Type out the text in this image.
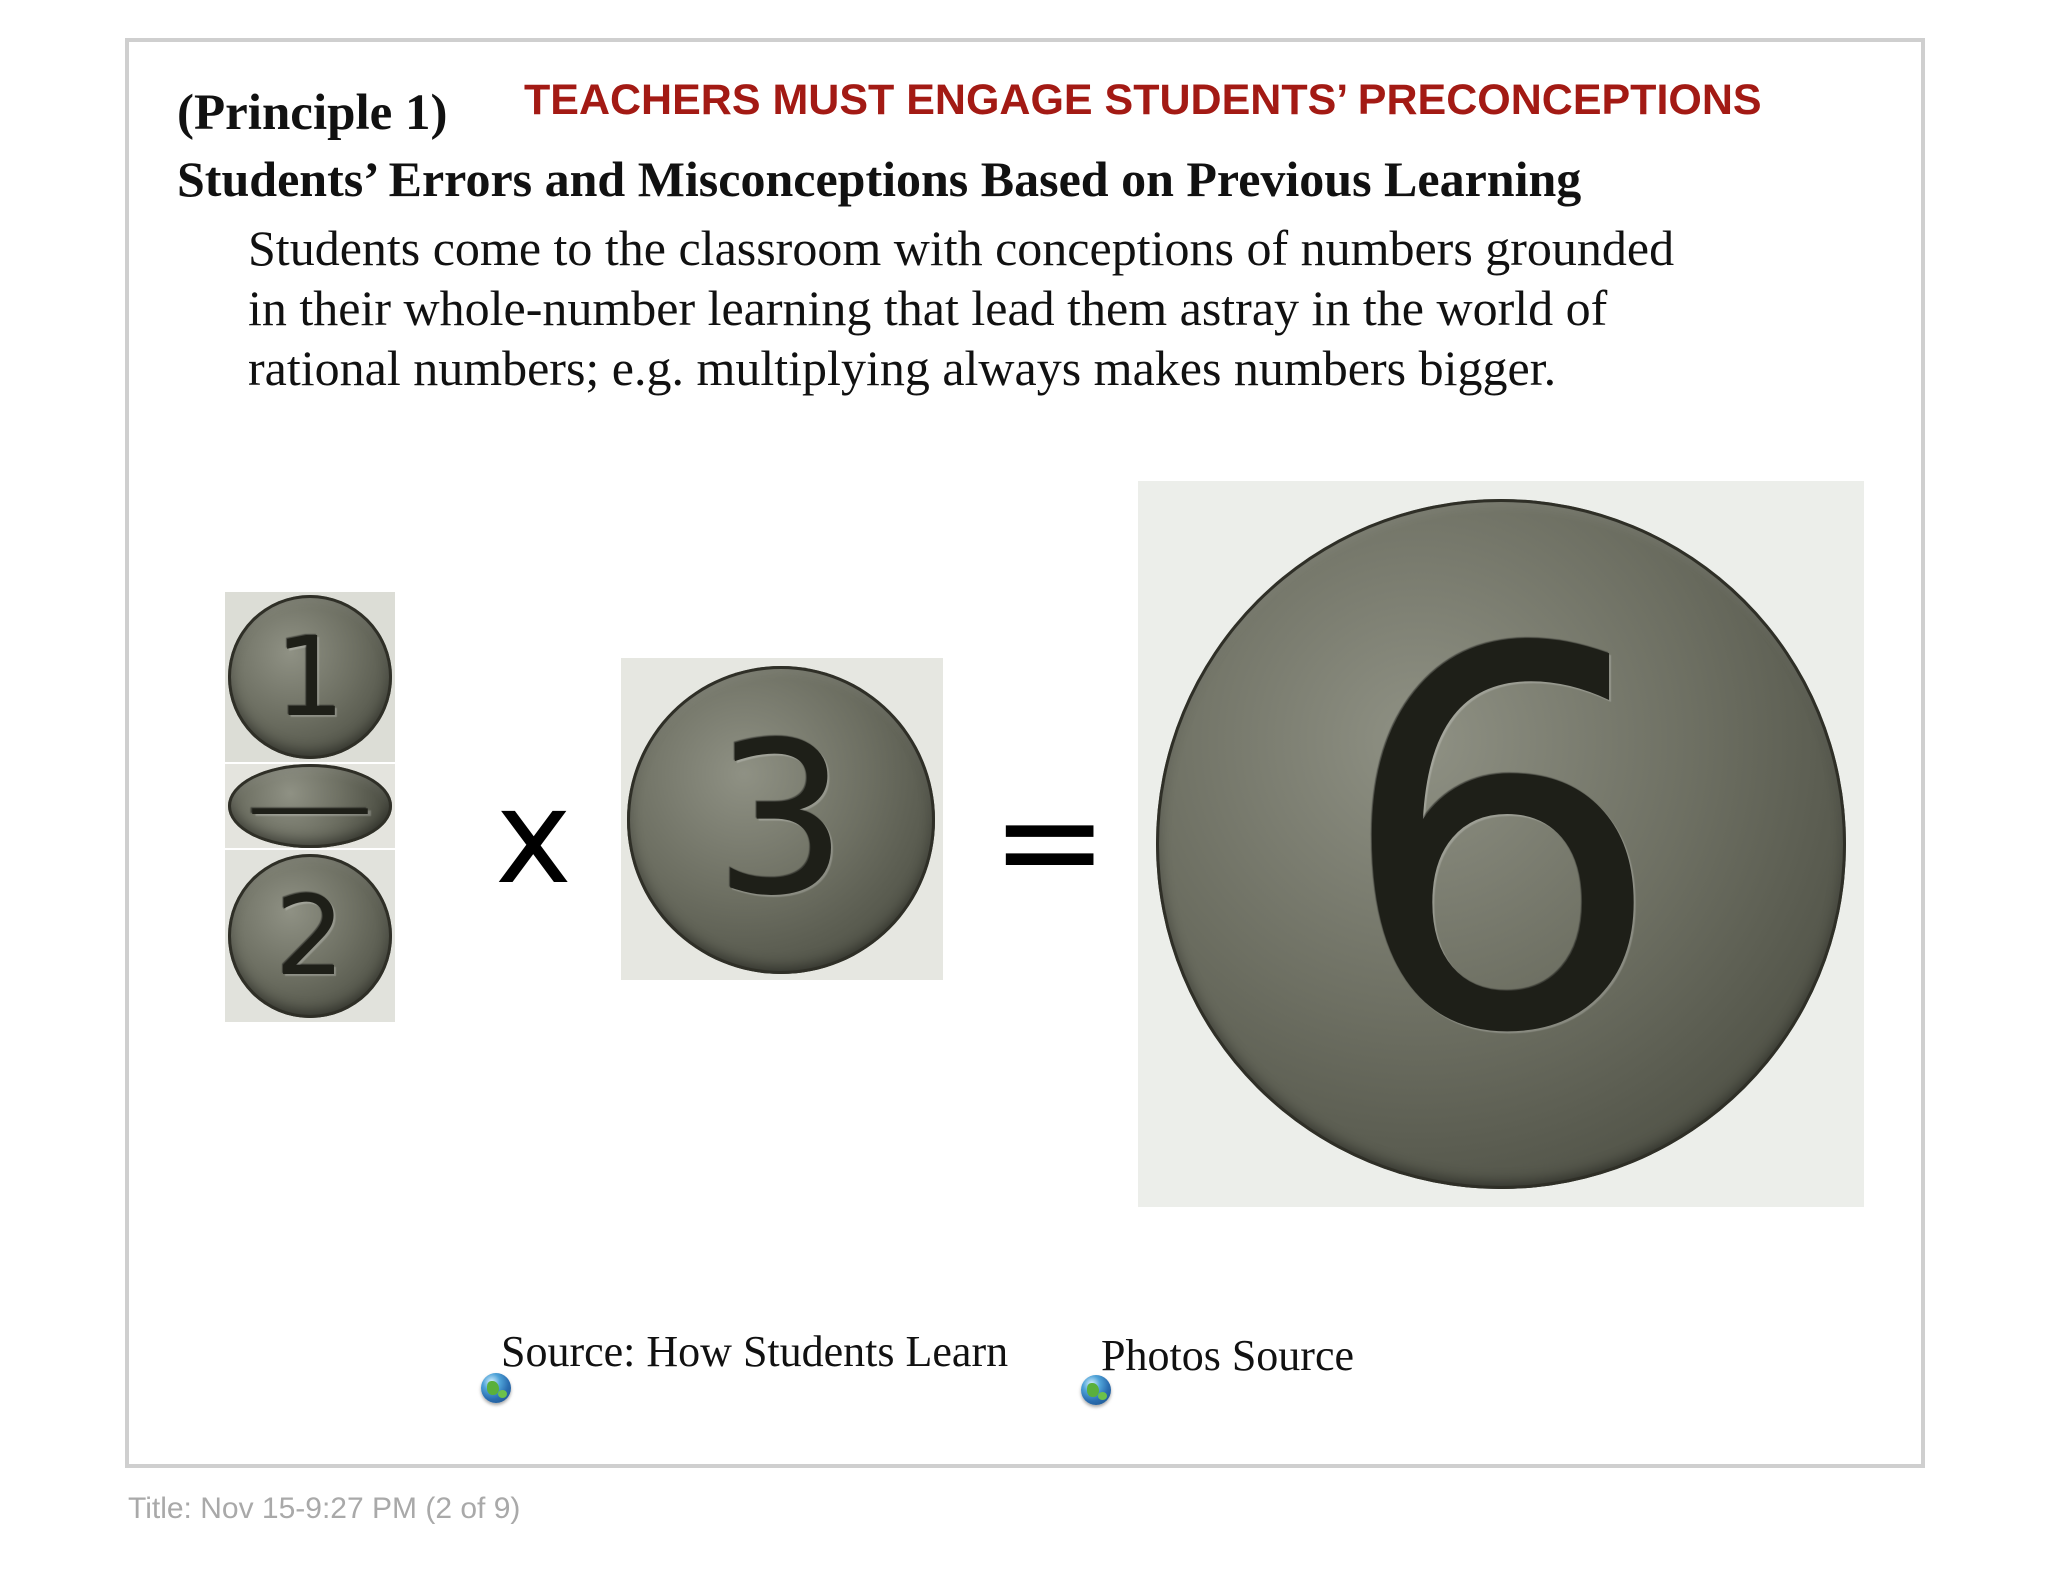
(Principle 1) TEACHERS MUST ENGAGE STUDENTS’ PRECONCEPTIONS
Students’ Errors and Misconceptions Based on Previous Learning
Students come to the classroom with conceptions of numbers grounded
in their whole-number learning that lead them astray in the world of
rational numbers; e.g. multiplying always makes numbers bigger.
1
—
2
x 3 = 6
Source: How Students Learn Photos Source
Title: Nov 15-9:27 PM (2 of 9)
